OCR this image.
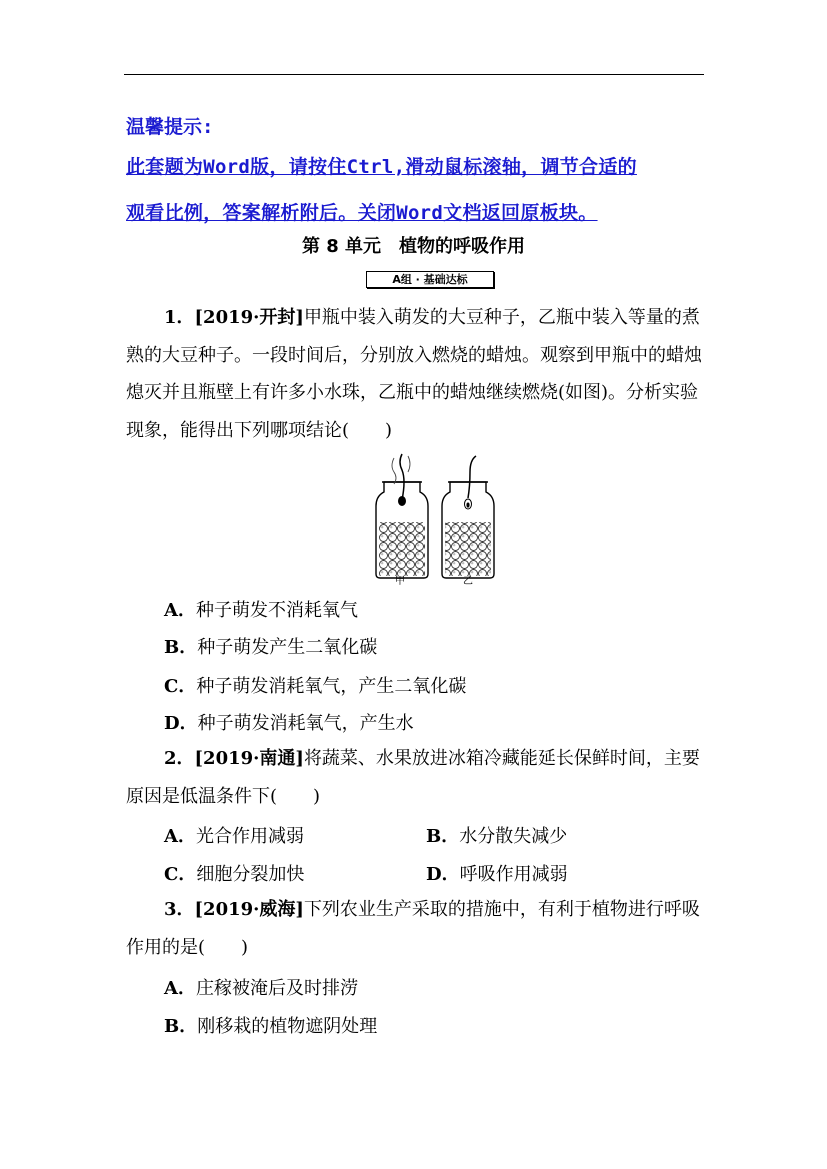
温馨提示:
此套题为Word版，请按住Ctrl,滑动鼠标滚轴，调节合适的
观看比例，答案解析附后。关闭Word文档返回原板块。
第 8 单元　植物的呼吸作用
A组 · 基础达标
1．[2019·开封]甲瓶中装入萌发的大豆种子，乙瓶中装入等量的煮熟的大豆种子。一段时间后，分别放入燃烧的蜡烛。观察到甲瓶中的蜡烛熄灭并且瓶壁上有许多小水珠，乙瓶中的蜡烛继续燃烧(如图)。分析实验现象，能得出下列哪项结论(　　)
甲	乙
A．种子萌发不消耗氧气
B．种子萌发产生二氧化碳
C．种子萌发消耗氧气，产生二氧化碳
D．种子萌发消耗氧气，产生水
2．[2019·南通]将蔬菜、水果放进冰箱冷藏能延长保鲜时间，主要原因是低温条件下(　　)
A．光合作用减弱	B．水分散失减少
C．细胞分裂加快	D．呼吸作用减弱
3．[2019·威海]下列农业生产采取的措施中，有利于植物进行呼吸作用的是(　　)
A．庄稼被淹后及时排涝
B．刚移栽的植物遮阴处理
